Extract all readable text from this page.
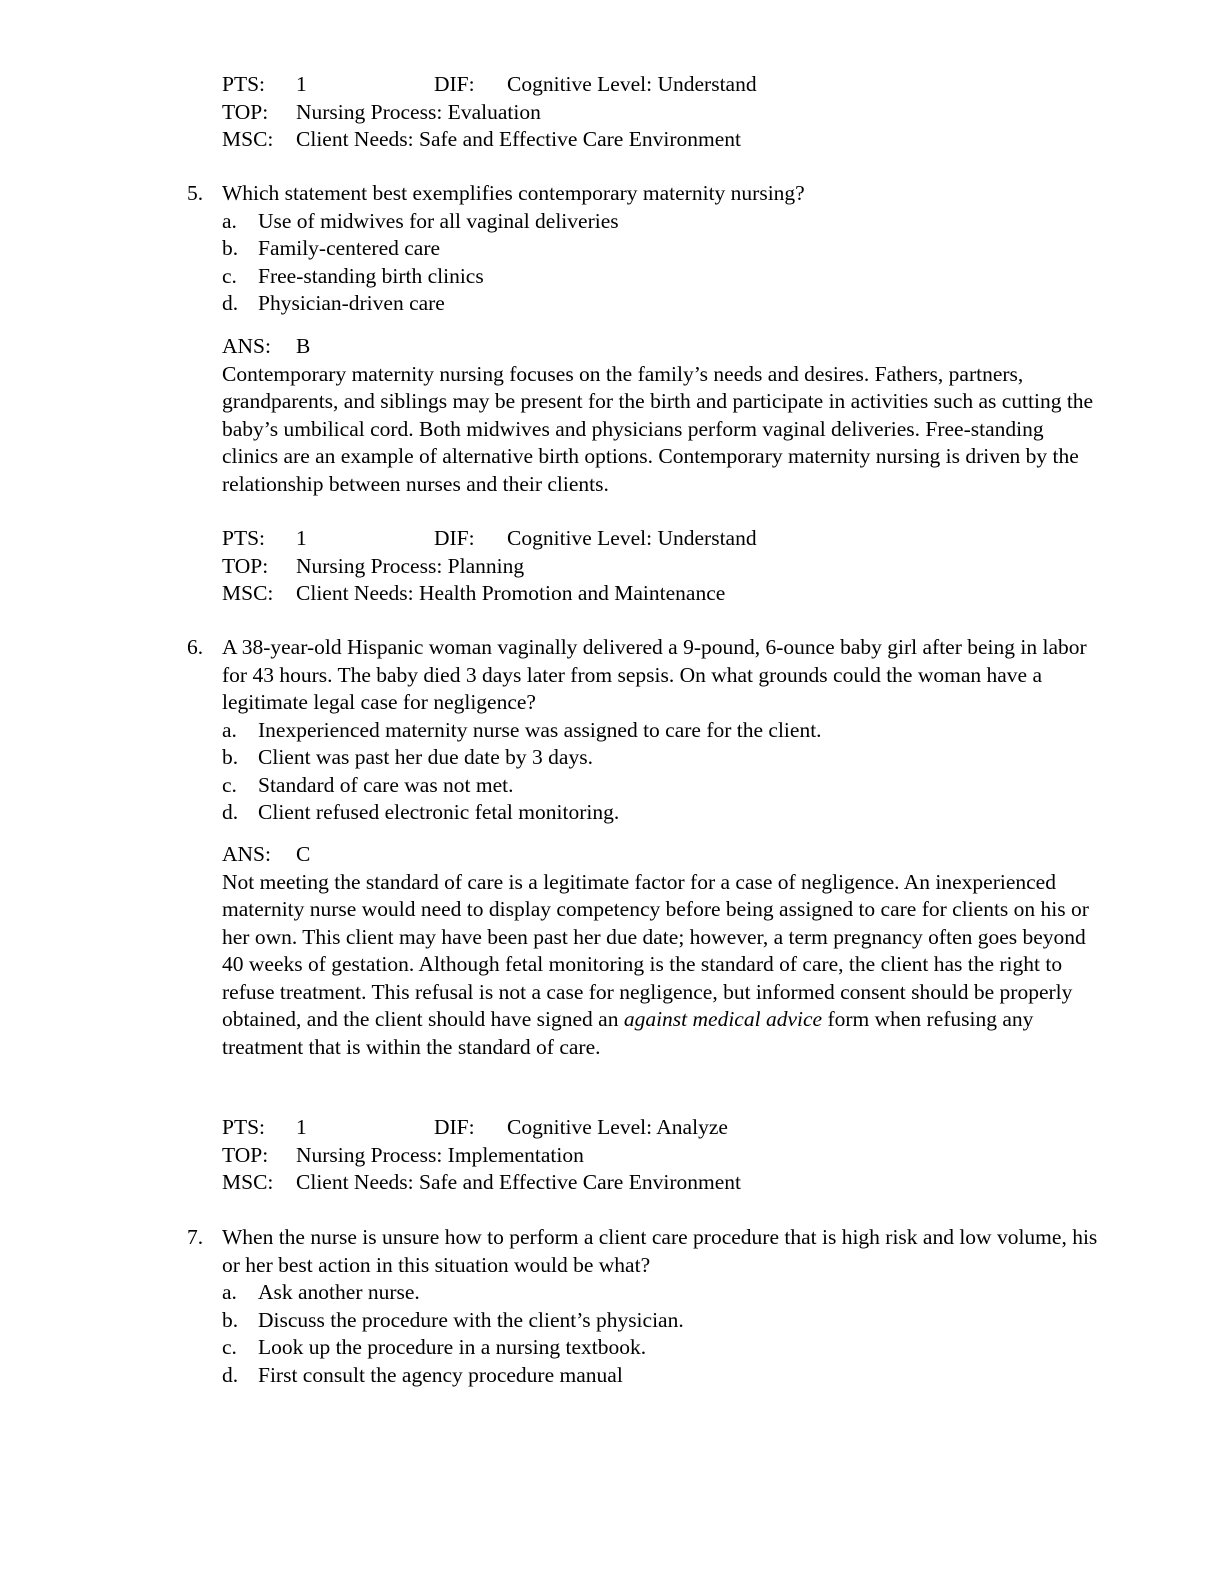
PTS: 1	DIF: Cognitive Level: Understand
TOP: Nursing Process: Evaluation
MSC: Client Needs: Safe and Effective Care Environment
5. Which statement best exemplifies contemporary maternity nursing?
a. Use of midwives for all vaginal deliveries
b. Family-centered care
c. Free-standing birth clinics
d. Physician-driven care
ANS: B

Contemporary maternity nursing focuses on the family’s needs and desires. Fathers, partners, grandparents, and siblings may be present for the birth and participate in activities such as cutting the baby’s umbilical cord. Both midwives and physicians perform vaginal deliveries. Free-standing clinics are an example of alternative birth options. Contemporary maternity nursing is driven by the relationship between nurses and their clients.

PTS: 1	DIF: Cognitive Level: Understand
TOP: Nursing Process: Planning
MSC: Client Needs: Health Promotion and Maintenance
6. A 38-year-old Hispanic woman vaginally delivered a 9-pound, 6-ounce baby girl after being in labor for 43 hours. The baby died 3 days later from sepsis. On what grounds could the woman have a legitimate legal case for negligence?
a. Inexperienced maternity nurse was assigned to care for the client.
b. Client was past her due date by 3 days.
c. Standard of care was not met.
d. Client refused electronic fetal monitoring.
ANS: C

Not meeting the standard of care is a legitimate factor for a case of negligence. An inexperienced maternity nurse would need to display competency before being assigned to care for clients on his or her own. This client may have been past her due date; however, a term pregnancy often goes beyond 40 weeks of gestation. Although fetal monitoring is the standard of care, the client has the right to refuse treatment. This refusal is not a case for negligence, but informed consent should be properly obtained, and the client should have signed an against medical advice form when refusing any treatment that is within the standard of care.

PTS: 1	DIF: Cognitive Level: Analyze
TOP: Nursing Process: Implementation
MSC: Client Needs: Safe and Effective Care Environment
7. When the nurse is unsure how to perform a client care procedure that is high risk and low volume, his or her best action in this situation would be what?
a. Ask another nurse.
b. Discuss the procedure with the client’s physician.
c. Look up the procedure in a nursing textbook.
d. First consult the agency procedure manual
